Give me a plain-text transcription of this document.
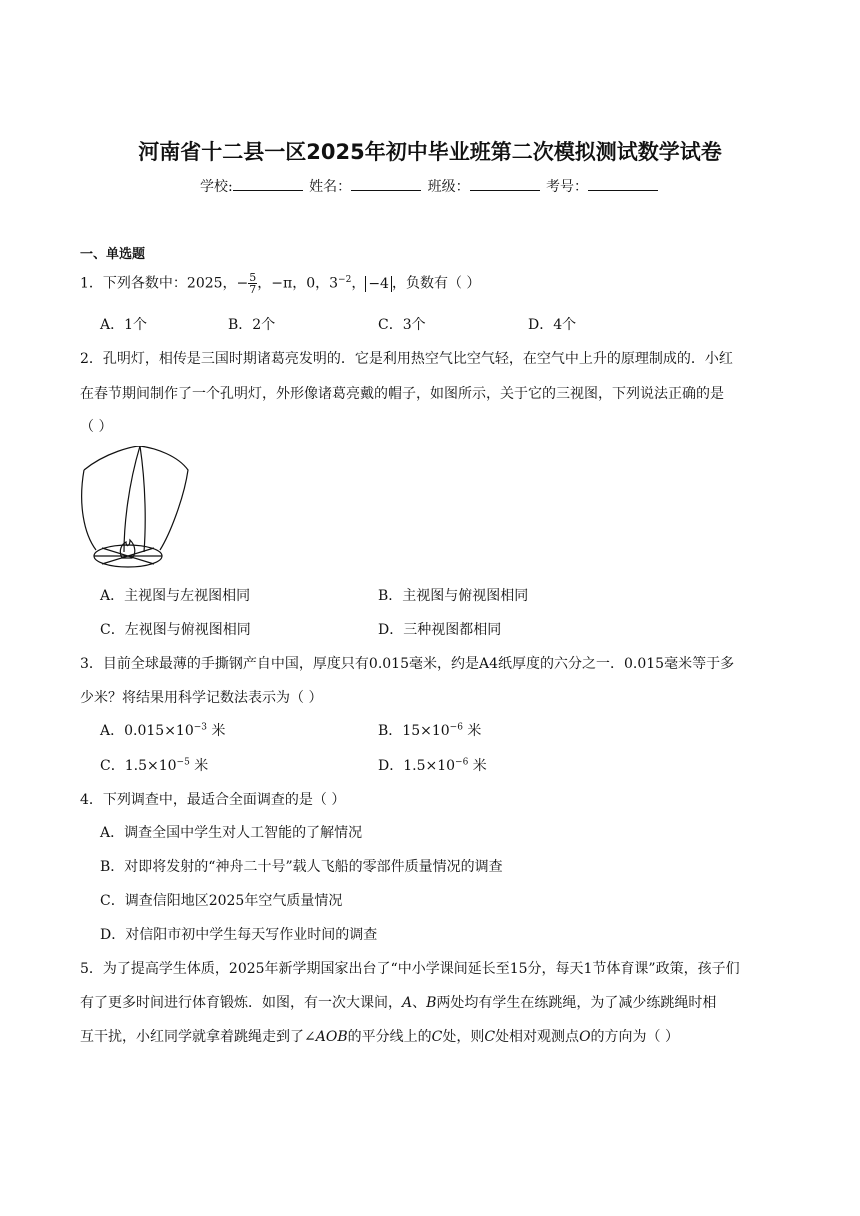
河南省十二县一区2025年初中毕业班第二次模拟测试数学试卷
学校:	姓名：	班级：	考号：
一、单选题
1．下列各数中：2025，− $\frac{5}{7}$ ，−π，0，$3^{-2}$， −4 ，负数有（ ）
A．1个	B．2个	C．3个	D．4个
2．孔明灯，相传是三国时期诸葛亮发明的．它是利用热空气比空气轻，在空气中上升的原理制成的．小红
在春节期间制作了一个孔明灯，外形像诸葛亮戴的帽子，如图所示，关于它的三视图，下列说法正确的是
（ ）
A．主视图与左视图相同	B．主视图与俯视图相同
C．左视图与俯视图相同	D．三种视图都相同
3．目前全球最薄的手撕钢产自中国，厚度只有0.015毫米，约是A4纸厚度的六分之一．0.015毫米等于多
少米？将结果用科学记数法表示为（ ）
A．$0.015\times 10^{-3}$ 米	B．$15\times 10^{-6}$ 米
C．$1.5\times 10^{-5}$ 米	D．$1.5\times 10^{-6}$ 米
4．下列调查中，最适合全面调查的是（ ）
A．调查全国中学生对人工智能的了解情况
B．对即将发射的“神舟二十号”载人飞船的零部件质量情况的调查
C．调查信阳地区2025年空气质量情况
D．对信阳市初中学生每天写作业时间的调查
5．为了提高学生体质，2025年新学期国家出台了“中小学课间延长至15分，每天1节体育课”政策，孩子们
有了更多时间进行体育锻炼．如图，有一次大课间，A、B两处均有学生在练跳绳，为了减少练跳绳时相
互干扰，小红同学就拿着跳绳走到了∠AOB的平分线上的C处，则C处相对观测点O的方向为（ ）
